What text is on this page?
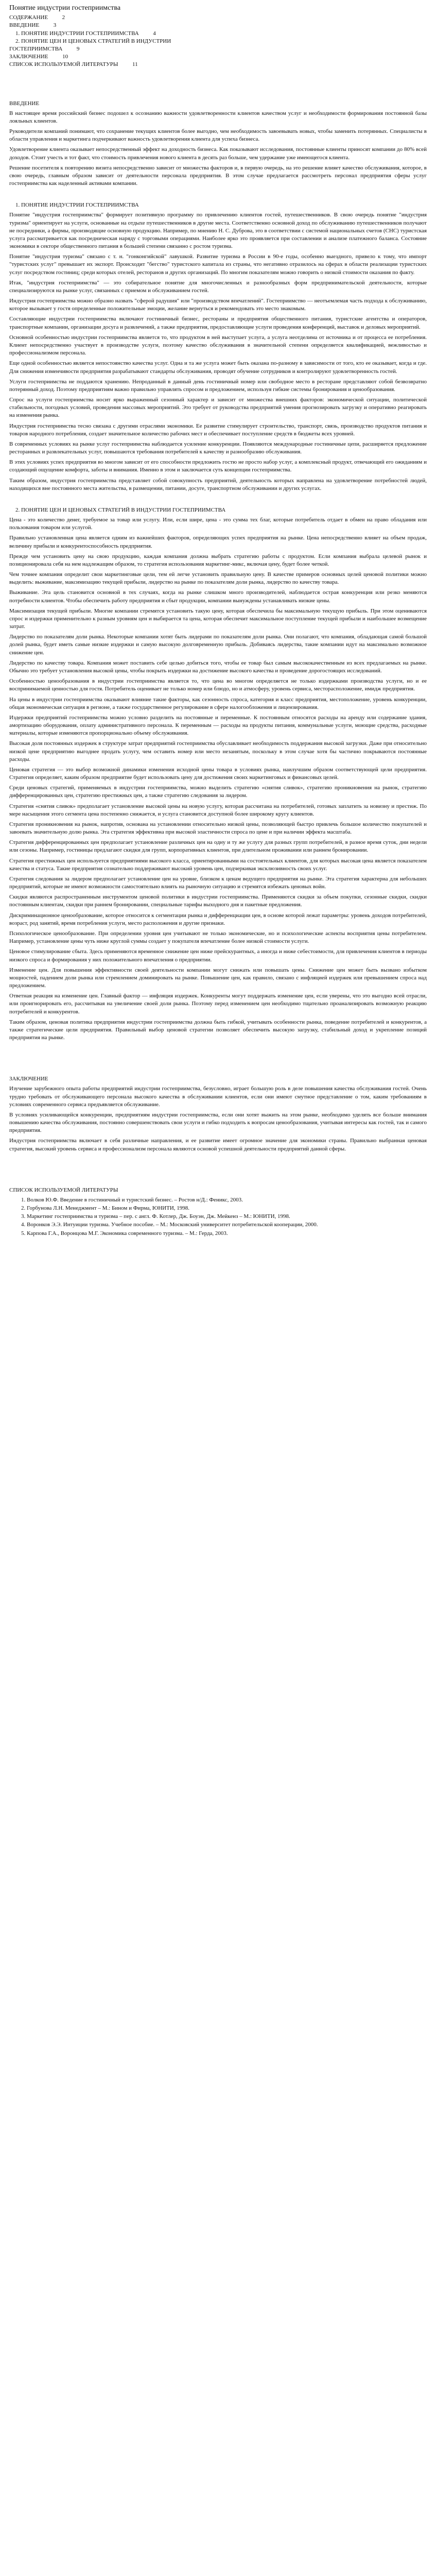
Понятие индустрии гостеприимства
СОДЕРЖАНИЕ	2
ВВЕДЕНИЕ	3
1. ПОНЯТИЕ ИНДУСТРИИ ГОСТЕПРИИМСТВА	4
2. ПОНЯТИЕ ЦЕН И ЦЕНОВЫХ СТРАТЕГИЙ В ИНДУСТРИИ
ГОСТЕПРИИМСТВА	9
ЗАКЛЮЧЕНИЕ	10
СПИСОК ИСПОЛЬЗУЕМОЙ ЛИТЕРАТУРЫ	11
ВВЕДЕНИЕ

В настоящее время российский бизнес подошел к осознанию важности удовлетворенности клиентов качеством услуг и необходимости формирования постоянной базы лояльных клиентов.

Руководители компаний понимают, что сохранение текущих клиентов более выгодно, чем необходимость завоевывать новых, чтобы заменить потерянных. Специалисты в области управления и маркетинга подчеркивают важность удовлетворения клиента для успеха бизнеса.

Удовлетворение клиента оказывает непосредственный эффект на доходность бизнеса. Как показывают исследования, постоянные клиенты приносят компании до 80% всей доходов. Стоит учесть и тот факт, что стоимость привлечения нового клиента в десять раз больше, чем удержание уже имеющегося клиента.

Решение посетителя к повторению визита непосредственно зависит от множества факторов и, в первую очередь, на это решение влияет качество обслуживания, которое, в свою очередь, главным образом зависит от деятельности персонала предприятия. В этом случае предлагается рассмотреть персонал предприятия сферы услуг гостеприимства как наделенный активами компании.

1. ПОНЯТИЕ ИНДУСТРИИ ГОСТЕПРИИМСТВА

Понятие "индустрия гостеприимства" формирует позитивную программу по привлечению клиентов гостей, путешественников. В свою очередь понятие "индустрия туризма" ориентирует на услуги, основанные на отдыхе путешественников в другие места. Соответственно основной доход по обслуживанию путешественников получают не посредники, а фирмы, производящие основную продукцию. Например, по мнению Н. С. Дуброва, это в соответствии с системой национальных счетов (СНС) туристская услуга рассматривается как посредническая наряду с торговыми операциями. Наиболее ярко это проявляется при составлении и анализе платежного баланса. Состояние экономики в секторе общественного питания в большей степени связанно с ростом туризма.

Понятие "индустрия туризма" связано с т. н. "гонконгийской" лавушкой. Развитие туризма в России в 90-е годы, особенно выездного, привело к тому, что импорт "туристских услуг" превышает их экспорт. Происходит "бегство" туристского капитала из страны, что негативно отразилось на сферах в области реализации туристских услуг посредством гостиниц; среди которых отелей, ресторанов и других организаций. По многим показателям можно говорить о низкой стоимости оказания по факту.

Итак, "индустрия гостеприимства" — это собирательное понятие для многочисленных и разнообразных форм предпринимательской деятельности, которые специализируются на рынке услуг, связанных с приемом и обслуживанием гостей.

Индустрия гостеприимства можно образно назвать "сферой радушия" или "производством впечатлений". Гостеприимство — неотъемлемая часть подхода к обслуживанию, которое вызывает у гостя определенные положительные эмоции, желание вернуться и рекомендовать это место знакомым.

Составляющие индустрии гостеприимства включают гостиничный бизнес, рестораны и предприятия общественного питания, туристские агентства и операторов, транспортные компании, организации досуга и развлечений, а также предприятия, предоставляющие услуги проведения конференций, выставок и деловых мероприятий.

Основной особенностью индустрии гостеприимства является то, что продуктом в ней выступает услуга, а услуга неотделима от источника и от процесса ее потребления. Клиент непосредственно участвует в производстве услуги, поэтому качество обслуживания в значительной степени определяется квалификацией, вежливостью и профессионализмом персонала.

Еще одной особенностью является непостоянство качества услуг. Одна и та же услуга может быть оказана по-разному в зависимости от того, кто ее оказывает, когда и где. Для снижения изменчивости предприятия разрабатывают стандарты обслуживания, проводят обучение сотрудников и контролируют удовлетворенность гостей.

Услуги гостеприимства не поддаются хранению. Непроданный в данный день гостиничный номер или свободное место в ресторане представляют собой безвозвратно потерянный доход. Поэтому предприятиям важно правильно управлять спросом и предложением, используя гибкие системы бронирования и ценообразования.

Спрос на услуги гостеприимства носит ярко выраженный сезонный характер и зависит от множества внешних факторов: экономической ситуации, политической стабильности, погодных условий, проведения массовых мероприятий. Это требует от руководства предприятий умения прогнозировать загрузку и оперативно реагировать на изменения рынка.

Индустрия гостеприимства тесно связана с другими отраслями экономики. Ее развитие стимулирует строительство, транспорт, связь, производство продуктов питания и товаров народного потребления, создает значительное количество рабочих мест и обеспечивает поступление средств в бюджеты всех уровней.

В современных условиях на рынке услуг гостеприимства наблюдается усиление конкуренции. Появляются международные гостиничные цепи, расширяется предложение ресторанных и развлекательных услуг, повышаются требования потребителей к качеству и разнообразию обслуживания.

В этих условиях успех предприятия во многом зависит от его способности предложить гостю не просто набор услуг, а комплексный продукт, отвечающий его ожиданиям и создающий ощущение комфорта, заботы и внимания. Именно в этом и заключается суть концепции гостеприимства.

Таким образом, индустрия гостеприимства представляет собой совокупность предприятий, деятельность которых направлена на удовлетворение потребностей людей, находящихся вне постоянного места жительства, в размещении, питании, досуге, транспортном обслуживании и других услугах.

2. ПОНЯТИЕ ЦЕН И ЦЕНОВЫХ СТРАТЕГИЙ В ИНДУСТРИИ ГОСТЕПРИИМСТВА

Цена - это количество денег, требуемое за товар или услугу. Или, если шире, цена - это сумма тех благ, которые потребитель отдает в обмен на право обладания или пользования товаром или услугой.

Правильно установленная цена является одним из важнейших факторов, определяющих успех предприятия на рынке. Цена непосредственно влияет на объем продаж, величину прибыли и конкурентоспособность предприятия.

Прежде чем установить цену на свою продукцию, каждая компания должна выбрать стратегию работы с продуктом. Если компания выбрала целевой рынок и позиционировала себя на нем надлежащим образом, то стратегия использования маркетинг-микс, включая цену, будет более четкой.

Чем точнее компания определит свои маркетинговые цели, тем ей легче установить правильную цену. В качестве примеров основных целей ценовой политики можно выделить: выживание, максимизацию текущей прибыли, лидерство на рынке по показателям доли рынка, лидерство по качеству товара.

Выживание. Эта цель становится основной в тех случаях, когда на рынке слишком много производителей, наблюдается острая конкуренция или резко меняются потребности клиентов. Чтобы обеспечить работу предприятия и сбыт продукции, компании вынуждены устанавливать низкие цены.

Максимизация текущей прибыли. Многие компании стремятся установить такую цену, которая обеспечила бы максимальную текущую прибыль. При этом оцениваются спрос и издержки применительно к разным уровням цен и выбирается та цена, которая обеспечит максимальное поступление текущей прибыли и наибольшее возмещение затрат.

Лидерство по показателям доли рынка. Некоторые компании хотят быть лидерами по показателям доли рынка. Они полагают, что компания, обладающая самой большой долей рынка, будет иметь самые низкие издержки и самую высокую долговременную прибыль. Добиваясь лидерства, такие компании идут на максимально возможное снижение цен.

Лидерство по качеству товара. Компания может поставить себе целью добиться того, чтобы ее товар был самым высококачественным из всех предлагаемых на рынке. Обычно это требует установления высокой цены, чтобы покрыть издержки на достижение высокого качества и проведение дорогостоящих исследований.

Особенностью ценообразования в индустрии гостеприимства является то, что цена во многом определяется не только издержками производства услуги, но и ее воспринимаемой ценностью для гостя. Потребитель оценивает не только номер или блюдо, но и атмосферу, уровень сервиса, месторасположение, имидж предприятия.

На цены в индустрии гостеприимства оказывают влияние такие факторы, как сезонность спроса, категория и класс предприятия, местоположение, уровень конкуренции, общая экономическая ситуация в регионе, а также государственное регулирование в сфере налогообложения и лицензирования.

Издержки предприятий гостеприимства можно условно разделить на постоянные и переменные. К постоянным относятся расходы на аренду или содержание здания, амортизацию оборудования, оплату административного персонала. К переменным — расходы на продукты питания, коммунальные услуги, моющие средства, расходные материалы, которые изменяются пропорционально объему обслуживания.

Высокая доля постоянных издержек в структуре затрат предприятий гостеприимства обуславливает необходимость поддержания высокой загрузки. Даже при относительно низкой цене предприятию выгоднее продать услугу, чем оставить номер или место незанятым, поскольку в этом случае хотя бы частично покрываются постоянные расходы.

Ценовая стратегия — это выбор возможной динамики изменения исходной цены товара в условиях рынка, наилучшим образом соответствующей цели предприятия. Стратегия определяет, каким образом предприятие будет использовать цену для достижения своих маркетинговых и финансовых целей.

Среди ценовых стратегий, применяемых в индустрии гостеприимства, можно выделить стратегию «снятия сливок», стратегию проникновения на рынок, стратегию дифференцированных цен, стратегию престижных цен, а также стратегию следования за лидером.

Стратегия «снятия сливок» предполагает установление высокой цены на новую услугу, которая рассчитана на потребителей, готовых заплатить за новизну и престиж. По мере насыщения этого сегмента цена постепенно снижается, и услуга становится доступной более широкому кругу клиентов.

Стратегия проникновения на рынок, напротив, основана на установлении относительно низкой цены, позволяющей быстро привлечь большое количество покупателей и завоевать значительную долю рынка. Эта стратегия эффективна при высокой эластичности спроса по цене и при наличии эффекта масштаба.

Стратегия дифференцированных цен предполагает установление различных цен на одну и ту же услугу для разных групп потребителей, в разное время суток, дни недели или сезоны. Например, гостиницы предлагают скидки для групп, корпоративных клиентов, при длительном проживании или раннем бронировании.

Стратегия престижных цен используется предприятиями высокого класса, ориентированными на состоятельных клиентов, для которых высокая цена является показателем качества и статуса. Такие предприятия сознательно поддерживают высокий уровень цен, подчеркивая эксклюзивность своих услуг.

Стратегия следования за лидером предполагает установление цен на уровне, близком к ценам ведущего предприятия на рынке. Эта стратегия характерна для небольших предприятий, которые не имеют возможности самостоятельно влиять на рыночную ситуацию и стремятся избежать ценовых войн.

Скидки являются распространенным инструментом ценовой политики в индустрии гостеприимства. Применяются скидки за объем покупки, сезонные скидки, скидки постоянным клиентам, скидки при раннем бронировании, специальные тарифы выходного дня и пакетные предложения.

Дискриминационное ценообразование, которое относится к сегментации рынка и дифференциации цен, в основе которой лежат параметры: уровень доходов потребителей, возраст, род занятий, время потребления услуги, место расположения и другие признаки.

Психологическое ценообразование. При определении уровня цен учитывают не только экономические, но и психологические аспекты восприятия цены потребителем. Например, установление цены чуть ниже круглой суммы создает у покупателя впечатление более низкой стоимости услуги.

Ценовое стимулирование сбыта. Здесь применяются временное снижение цен ниже прейскурантных, а иногда и ниже себестоимости, для привлечения клиентов в периоды низкого спроса и формирования у них положительного впечатления о предприятии.

Изменение цен. Для повышения эффективности своей деятельности компании могут снижать или повышать цены. Снижение цен может быть вызвано избытком мощностей, падением доли рынка или стремлением доминировать на рынке. Повышение цен, как правило, связано с инфляцией издержек или превышением спроса над предложением.

Ответная реакция на изменение цен. Главный фактор — инфляция издержек. Конкуренты могут поддержать изменение цен, если уверены, что это выгодно всей отрасли, или проигнорировать его, рассчитывая на увеличение своей доли рынка. Поэтому перед изменением цен необходимо тщательно проанализировать возможную реакцию потребителей и конкурентов.

Таким образом, ценовая политика предприятия индустрии гостеприимства должна быть гибкой, учитывать особенности рынка, поведение потребителей и конкурентов, а также стратегические цели предприятия. Правильный выбор ценовой стратегии позволяет обеспечить высокую загрузку, стабильный доход и укрепление позиций предприятия на рынке.

ЗАКЛЮЧЕНИЕ

Изучение зарубежного опыта работы предприятий индустрии гостеприимства, безусловно, играет большую роль в деле повышения качества обслуживания гостей. Очень трудно требовать от обслуживающего персонала высокого качества в обслуживании клиентов, если они имеют смутное представление о том, каким требованиям в условиях современного сервиса предъявляется обслуживание.

В условиях усиливающейся конкуренции, предприятиям индустрии гостеприимства, если они хотят выжить на этом рынке, необходимо уделять все больше внимания повышению качества обслуживания, постоянно совершенствовать свои услуги и гибко подходить к вопросам ценообразования, учитывая интересы как гостей, так и самого предприятия.

Индустрия гостеприимства включает в себя различные направления, и ее развитие имеет огромное значение для экономики страны. Правильно выбранная ценовая стратегия, высокий уровень сервиса и профессионализм персонала являются основой успешной деятельности предприятий данной сферы.

СПИСОК ИСПОЛЬЗУЕМОЙ ЛИТЕРАТУРЫ
1. Волков Ю.Ф. Введение в гостиничный и туристский бизнес. – Ростов н/Д.: Феникс, 2003.
2. Горбунова Л.Н. Менеджмент – М.: Бином и Фирма, ЮНИТИ, 1998.
3. Маркетинг гостеприимства и туризма – пер. с англ. Ф. Котлер, Дж. Боуэн, Дж. Мейкенз – М.: ЮНИТИ, 1998.
4. Воронков Э.Э. Интуиции туризма. Учебное пособие. – М.: Московский университет потребительской кооперации, 2000.
5. Карпова Г.А., Воронцова М.Г. Экономика современного туризма. – М.: Гердa, 2003.
